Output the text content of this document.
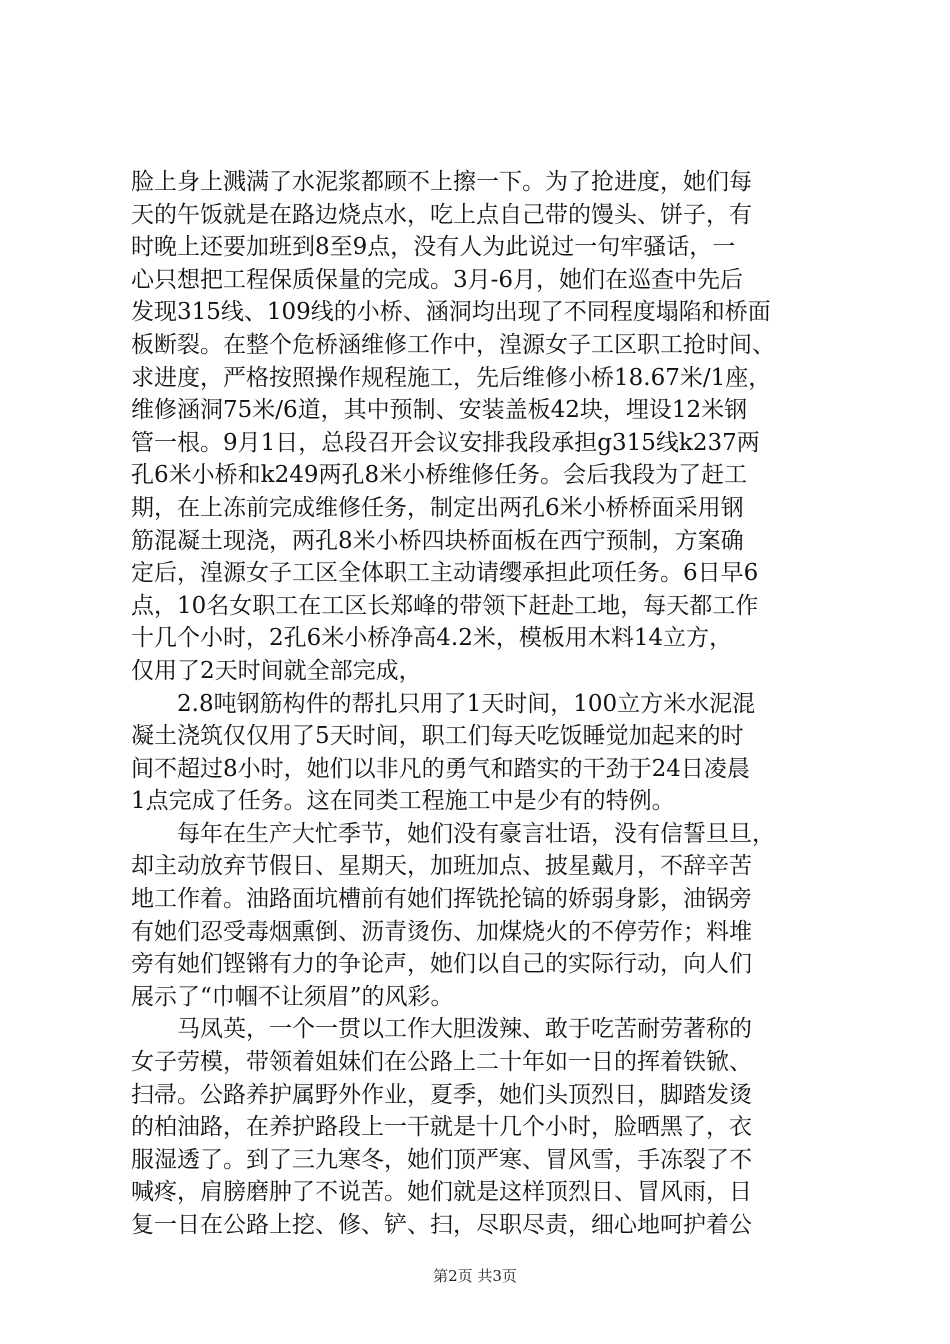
脸上身上溅满了水泥浆都顾不上擦一下。为了抢进度，她们每
天的午饭就是在路边烧点水，吃上点自己带的馒头、饼子，有
时晚上还要加班到8至9点，没有人为此说过一句牢骚话，一
心只想把工程保质保量的完成。3月-6月，她们在巡查中先后
发现315线、109线的小桥、涵洞均出现了不同程度塌陷和桥面
板断裂。在整个危桥涵维修工作中，湟源女子工区职工抢时间、
求进度，严格按照操作规程施工，先后维修小桥18.67米/1座，
维修涵洞75米/6道，其中预制、安装盖板42块，埋设12米钢
管一根。9月1日，总段召开会议安排我段承担g315线k237两
孔6米小桥和k249两孔8米小桥维修任务。会后我段为了赶工
期，在上冻前完成维修任务，制定出两孔6米小桥桥面采用钢
筋混凝土现浇，两孔8米小桥四块桥面板在西宁预制，方案确
定后，湟源女子工区全体职工主动请缨承担此项任务。6日早6
点，10名女职工在工区长郑峰的带领下赶赴工地，每天都工作
十几个小时，2孔6米小桥净高4.2米，模板用木料14立方，
仅用了2天时间就全部完成，
　　2.8吨钢筋构件的帮扎只用了1天时间，100立方米水泥混
凝土浇筑仅仅用了5天时间，职工们每天吃饭睡觉加起来的时
间不超过8小时，她们以非凡的勇气和踏实的干劲于24日凌晨
1点完成了任务。这在同类工程施工中是少有的特例。
　　每年在生产大忙季节，她们没有豪言壮语，没有信誓旦旦，
却主动放弃节假日、星期天，加班加点、披星戴月，不辞辛苦
地工作着。油路面坑槽前有她们挥铣抡镐的娇弱身影，油锅旁
有她们忍受毒烟熏倒、沥青烫伤、加煤烧火的不停劳作；料堆
旁有她们铿锵有力的争论声，她们以自己的实际行动，向人们
展示了“巾帼不让须眉”的风彩。
　　马凤英，一个一贯以工作大胆泼辣、敢于吃苦耐劳著称的
女子劳模，带领着姐妹们在公路上二十年如一日的挥着铁锨、
扫帚。公路养护属野外作业，夏季，她们头顶烈日，脚踏发烫
的柏油路，在养护路段上一干就是十几个小时，脸晒黑了，衣
服湿透了。到了三九寒冬，她们顶严寒、冒风雪，手冻裂了不
喊疼，肩膀磨肿了不说苦。她们就是这样顶烈日、冒风雨，日
复一日在公路上挖、修、铲、扫，尽职尽责，细心地呵护着公
第2页 共3页
